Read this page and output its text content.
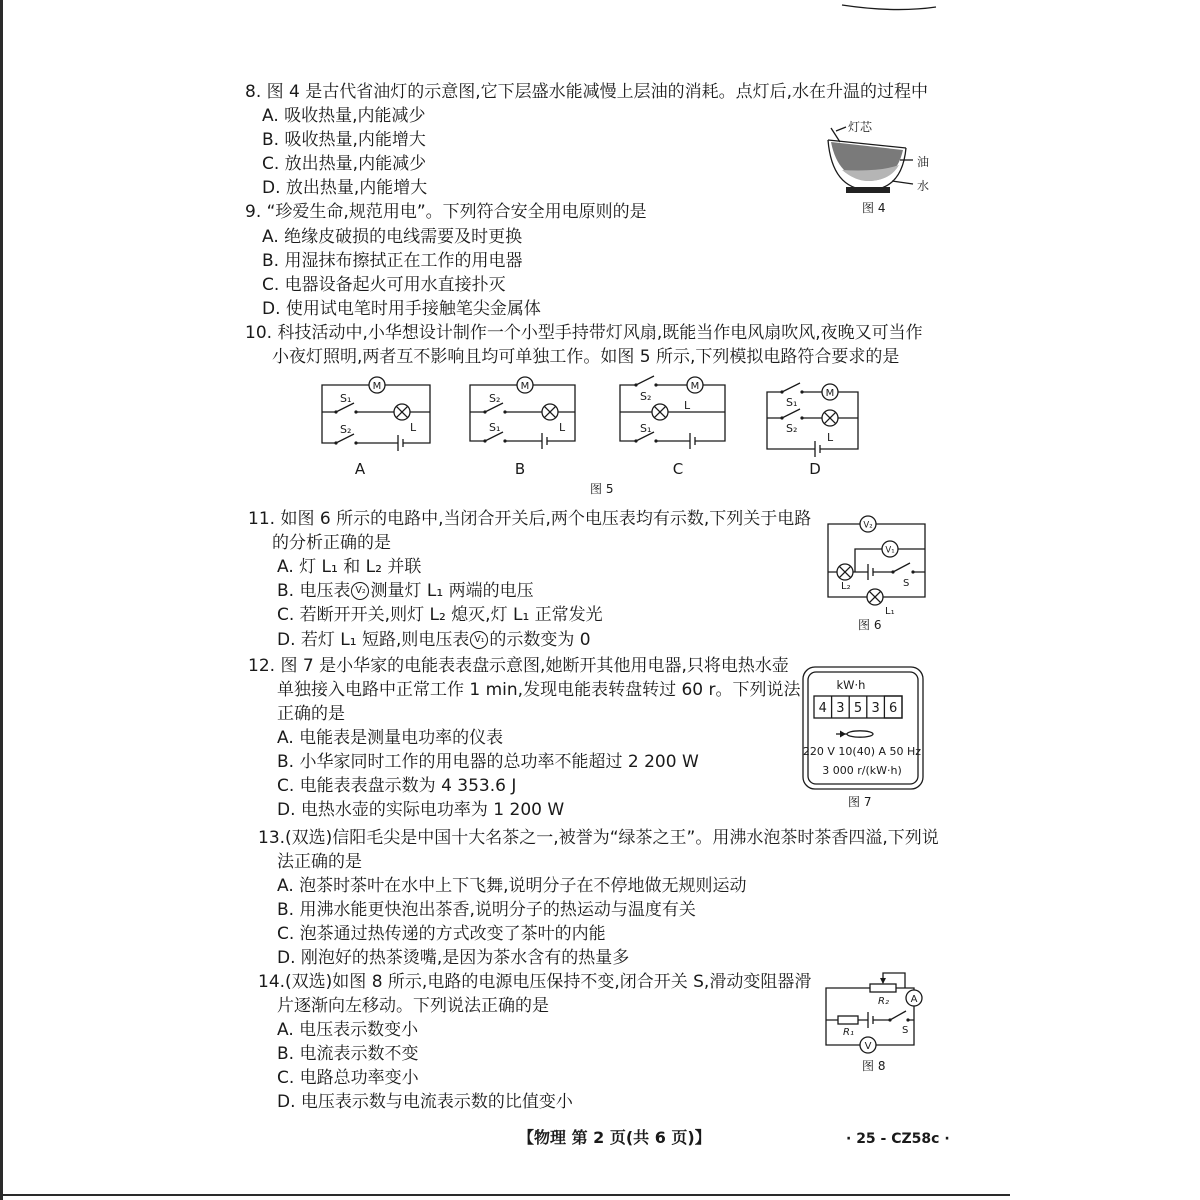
8. 图 4 是古代省油灯的示意图,它下层盛水能减慢上层油的消耗。点灯后,水在升温的过程中
A. 吸收热量,内能减少
B. 吸收热量,内能增大
C. 放出热量,内能减少
D. 放出热量,内能增大
灯芯
油
水
图 4
9. “珍爱生命,规范用电”。下列符合安全用电原则的是
A. 绝缘皮破损的电线需要及时更换
B. 用湿抹布擦拭正在工作的用电器
C. 电器设备起火可用水直接扑灭
D. 使用试电笔时用手接触笔尖金属体
10. 科技活动中,小华想设计制作一个小型手持带灯风扇,既能当作电风扇吹风,夜晚又可当作
小夜灯照明,两者互不影响且均可单独工作。如图 5 所示,下列模拟电路符合要求的是
M
S₁
S₂	L
A
M
S₂
S₁	L
B
M
S₂
L
S₁
C
M
S₁
S₂
L
D
图 5
11. 如图 6 所示的电路中,当闭合开关后,两个电压表均有示数,下列关于电路
的分析正确的是
A. 灯 L₁ 和 L₂ 并联
B. 电压表 V₂ 测量灯 L₁ 两端的电压
C. 若断开开关,则灯 L₂ 熄灭,灯 L₁ 正常发光
D. 若灯 L₁ 短路,则电压表 V₁ 的示数变为 0
V₂
V₁
L₂	S
L₁
图 6
12. 图 7 是小华家的电能表表盘示意图,她断开其他用电器,只将电热水壶
单独接入电路中正常工作 1 min,发现电能表转盘转过 60 r。下列说法
正确的是
A. 电能表是测量电功率的仪表
B. 小华家同时工作的用电器的总功率不能超过 2 200 W
C. 电能表表盘示数为 4 353.6 J
D. 电热水壶的实际电功率为 1 200 W
kW·h
4 3 5 3 6
220 V 10(40) A 50 Hz
3 000 r/(kW·h)
图 7
13.(双选)信阳毛尖是中国十大名茶之一,被誉为“绿茶之王”。用沸水泡茶时茶香四溢,下列说
法正确的是
A. 泡茶时茶叶在水中上下飞舞,说明分子在不停地做无规则运动
B. 用沸水能更快泡出茶香,说明分子的热运动与温度有关
C. 泡茶通过热传递的方式改变了茶叶的内能
D. 刚泡好的热茶烫嘴,是因为茶水含有的热量多
14.(双选)如图 8 所示,电路的电源电压保持不变,闭合开关 S,滑动变阻器滑
片逐渐向左移动。下列说法正确的是
A. 电压表示数变小
B. 电流表示数不变
C. 电路总功率变小
D. 电压表示数与电流表示数的比值变小
A
V
R₂
R₁	S
图 8
【物理 第 2 页(共 6 页)】	· 25 - CZ58c ·
